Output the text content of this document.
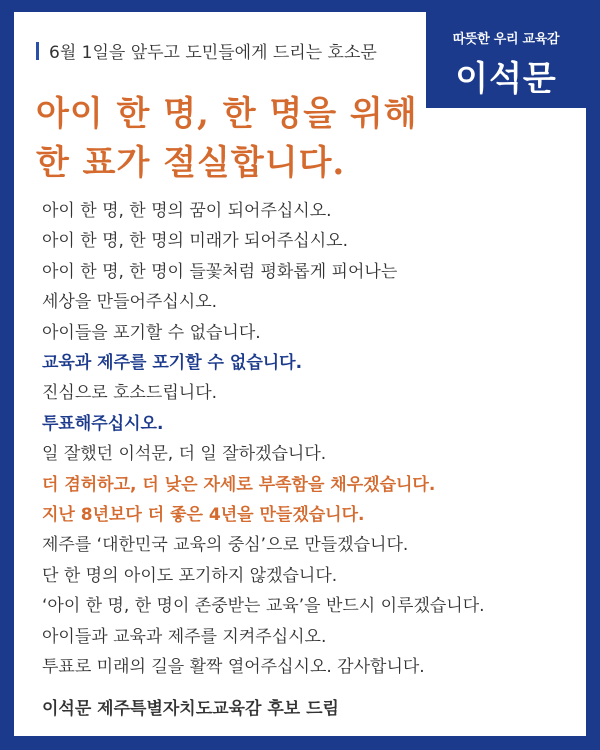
6월 1일을 앞두고 도민들에게 드리는 호소문
따뜻한 우리 교육감
이석문
아이 한 명, 한 명을 위해
한 표가 절실합니다.
아이 한 명, 한 명의 꿈이 되어주십시오.
아이 한 명, 한 명의 미래가 되어주십시오.
아이 한 명, 한 명이 들꽃처럼 평화롭게 피어나는
세상을 만들어주십시오.
아이들을 포기할 수 없습니다.
교육과 제주를 포기할 수 없습니다.
진심으로 호소드립니다.
투표해주십시오.
일 잘했던 이석문, 더 일 잘하겠습니다.
더 겸허하고, 더 낮은 자세로 부족함을 채우겠습니다.
지난 8년보다 더 좋은 4년을 만들겠습니다.
제주를 ‘대한민국 교육의 중심’으로 만들겠습니다.
단 한 명의 아이도 포기하지 않겠습니다.
‘아이 한 명, 한 명이 존중받는 교육’을 반드시 이루겠습니다.
아이들과 교육과 제주를 지켜주십시오.
투표로 미래의 길을 활짝 열어주십시오. 감사합니다.
이석문 제주특별자치도교육감 후보 드림
